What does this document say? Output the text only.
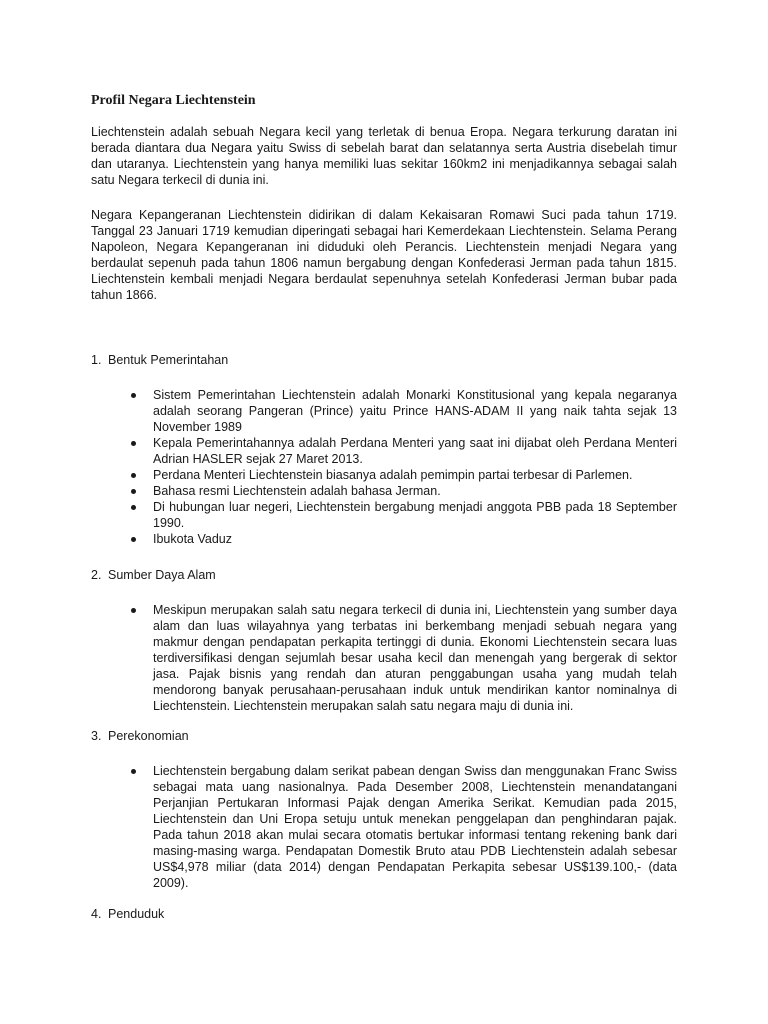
Profil Negara Liechtenstein

Liechtenstein adalah sebuah Negara kecil yang terletak di benua Eropa. Negara terkurung daratan ini berada diantara dua Negara yaitu Swiss di sebelah barat dan selatannya serta Austria disebelah timur dan utaranya. Liechtenstein yang hanya memiliki luas sekitar 160km2 ini menjadikannya sebagai salah satu Negara terkecil di dunia ini.

Negara Kepangeranan Liechtenstein didirikan di dalam Kekaisaran Romawi Suci pada tahun 1719. Tanggal 23 Januari 1719 kemudian diperingati sebagai hari Kemerdekaan Liechtenstein. Selama Perang Napoleon, Negara Kepangeranan ini diduduki oleh Perancis. Liechtenstein menjadi Negara yang berdaulat sepenuh pada tahun 1806 namun bergabung dengan Konfederasi Jerman pada tahun 1815. Liechtenstein kembali menjadi Negara berdaulat sepenuhnya setelah Konfederasi Jerman bubar pada tahun 1866.

1. Bentuk Pemerintahan
Sistem Pemerintahan Liechtenstein adalah Monarki Konstitusional yang kepala negaranya adalah seorang Pangeran (Prince) yaitu Prince HANS-ADAM II yang naik tahta sejak 13 November 1989
Kepala Pemerintahannya adalah Perdana Menteri yang saat ini dijabat oleh Perdana Menteri Adrian HASLER sejak 27 Maret 2013.
Perdana Menteri Liechtenstein biasanya adalah pemimpin partai terbesar di Parlemen.
Bahasa resmi Liechtenstein adalah bahasa Jerman.
Di hubungan luar negeri, Liechtenstein bergabung menjadi anggota PBB pada 18 September 1990.
Ibukota Vaduz
2. Sumber Daya Alam
Meskipun merupakan salah satu negara terkecil di dunia ini, Liechtenstein yang sumber daya alam dan luas wilayahnya yang terbatas ini berkembang menjadi sebuah negara yang makmur dengan pendapatan perkapita tertinggi di dunia. Ekonomi Liechtenstein secara luas terdiversifikasi dengan sejumlah besar usaha kecil dan menengah yang bergerak di sektor jasa. Pajak bisnis yang rendah dan aturan penggabungan usaha yang mudah telah mendorong banyak perusahaan-perusahaan induk untuk mendirikan kantor nominalnya di Liechtenstein. Liechtenstein merupakan salah satu negara maju di dunia ini.
3. Perekonomian
Liechtenstein bergabung dalam serikat pabean dengan Swiss dan menggunakan Franc Swiss sebagai mata uang nasionalnya. Pada Desember 2008, Liechtenstein menandatangani Perjanjian Pertukaran Informasi Pajak dengan Amerika Serikat. Kemudian pada 2015, Liechtenstein dan Uni Eropa setuju untuk menekan penggelapan dan penghindaran pajak. Pada tahun 2018 akan mulai secara otomatis bertukar informasi tentang rekening bank dari masing-masing warga. Pendapatan Domestik Bruto atau PDB Liechtenstein adalah sebesar US$4,978 miliar (data 2014) dengan Pendapatan Perkapita sebesar US$139.100,- (data 2009).
4. Penduduk
